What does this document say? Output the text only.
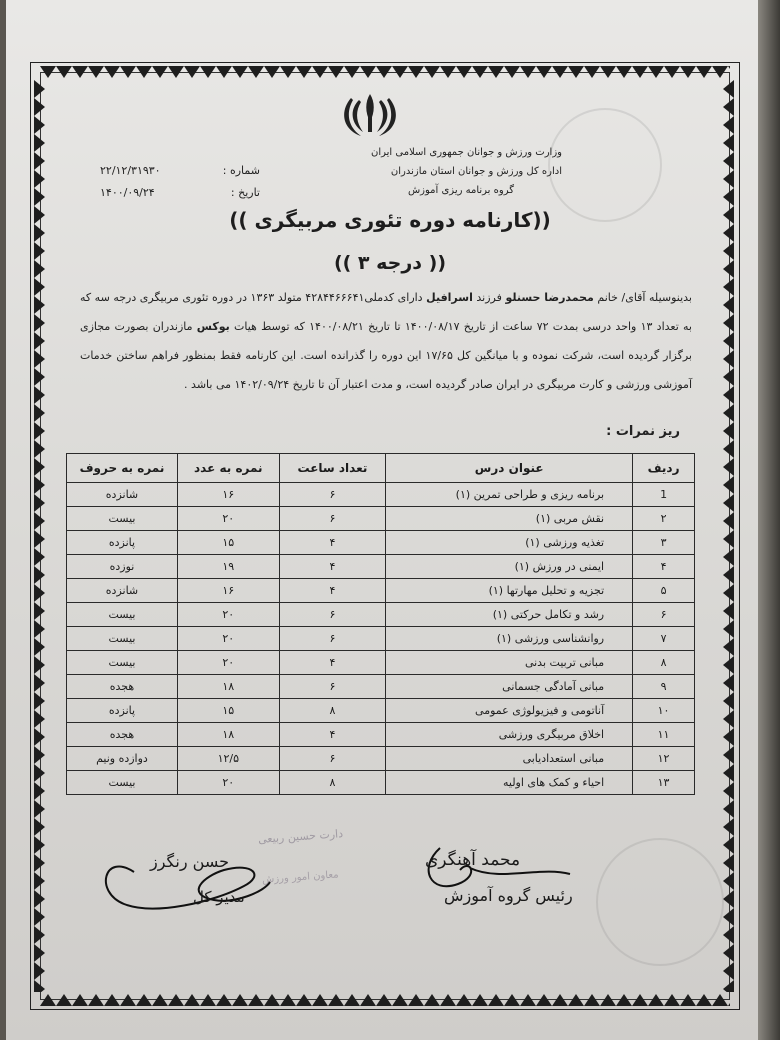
وزارت ورزش و جوانان جمهوری اسلامی ایران
اداره کل ورزش و جوانان استان مازندران
گروه برنامه ریزی آموزش
شماره :
۲۲/۱۲/۳۱۹۳۰
تاریخ :
۱۴۰۰/۰۹/۲۴
((کارنامه دوره تئوری مربیگری ))
(( درجه ۳ ))
بدینوسیله آقای/ خانم محمدرضا حسنلو فرزند اسرافیل دارای کدملی۴۲۸۴۴۶۶۶۴۱ متولد ۱۳۶۳ در دوره تئوری مربیگری درجه سه که به تعداد ۱۳ واحد درسی بمدت ۷۲ ساعت از تاریخ ۱۴۰۰/۰۸/۱۷ تا تاریخ ۱۴۰۰/۰۸/۲۱ که توسط هیات بوکس مازندران بصورت مجازی برگزار گردیده است، شرکت نموده و با میانگین کل ۱۷/۶۵ این دوره را گذرانده است. این کارنامه فقط بمنظور فراهم ساختن خدمات آموزشی ورزشی و کارت مربیگری در ایران صادر گردیده است، و مدت اعتبار آن تا تاریخ ۱۴۰۲/۰۹/۲۴ می باشد .
ریز نمرات :
ردیف	عنوان درس	تعداد ساعت	نمره به عدد	نمره به حروف
1	برنامه ریزی و طراحی تمرین (۱)	۶	۱۶	شانزده
۲	نقش مربی (۱)	۶	۲۰	بیست
۳	تغذیه ورزشی (۱)	۴	۱۵	پانزده
۴	ایمنی در ورزش (۱)	۴	۱۹	نوزده
۵	تجزیه و تحلیل مهارتها (۱)	۴	۱۶	شانزده
۶	رشد و تکامل حرکتی (۱)	۶	۲۰	بیست
۷	روانشناسی ورزشی (۱)	۶	۲۰	بیست
۸	مبانی تربیت بدنی	۴	۲۰	بیست
۹	مبانی آمادگی جسمانی	۶	۱۸	هجده
۱۰	آناتومی و فیزیولوژی عمومی	۸	۱۵	پانزده
۱۱	اخلاق مربیگری ورزشی	۴	۱۸	هجده
۱۲	مبانی استعدادیابی	۶	۱۲/۵	دوازده ونیم
۱۳	احیاء و کمک های اولیه	۸	۲۰	بیست
دارت حسین ربیعی
معاون امور ورزش
محمد آهنگری
رئیس گروه آموزش
حسن رنگرز
مدیر کل
